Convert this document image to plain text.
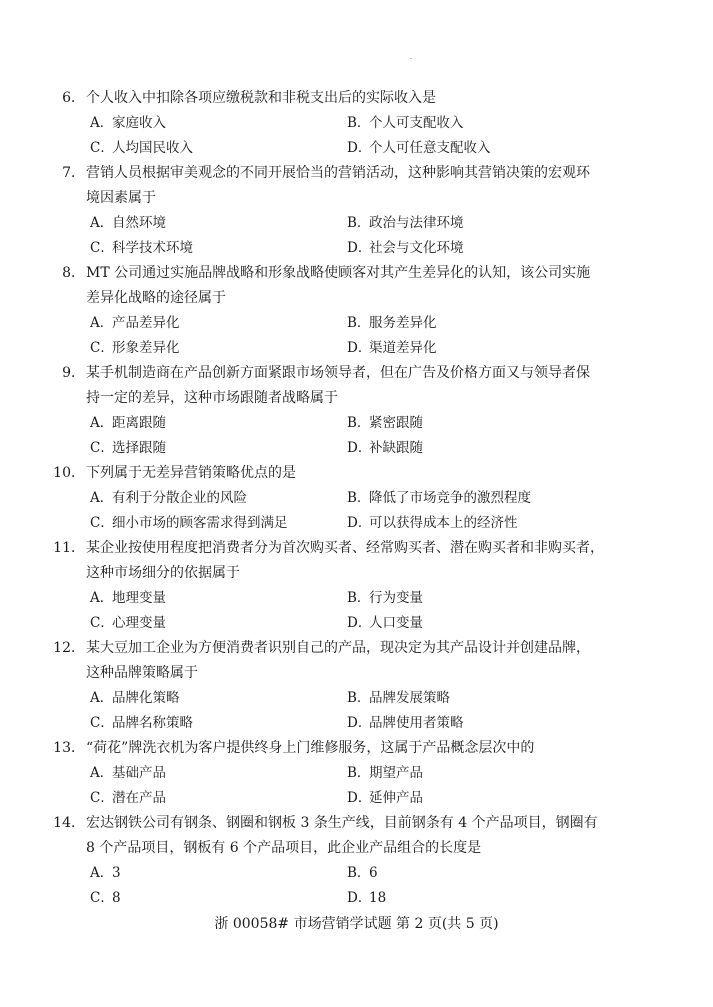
6． 个人收入中扣除各项应缴税款和非税支出后的实际收入是
A．家庭收入	B．个人可支配收入
C．人均国民收入	D．个人可任意支配收入
7． 营销人员根据审美观念的不同开展恰当的营销活动，这种影响其营销决策的宏观环
境因素属于
A．自然环境	B．政治与法律环境
C．科学技术环境	D．社会与文化环境
8． MT 公司通过实施品牌战略和形象战略使顾客对其产生差异化的认知，该公司实施
差异化战略的途径属于
A．产品差异化	B．服务差异化
C．形象差异化	D．渠道差异化
9． 某手机制造商在产品创新方面紧跟市场领导者，但在广告及价格方面又与领导者保
持一定的差异，这种市场跟随者战略属于
A．距离跟随	B．紧密跟随
C．选择跟随	D．补缺跟随
10． 下列属于无差异营销策略优点的是
A．有利于分散企业的风险	B．降低了市场竞争的激烈程度
C．细小市场的顾客需求得到满足	D．可以获得成本上的经济性
11． 某企业按使用程度把消费者分为首次购买者、经常购买者、潜在购买者和非购买者，
这种市场细分的依据属于
A．地理变量	B．行为变量
C．心理变量	D．人口变量
12． 某大豆加工企业为方便消费者识别自己的产品，现决定为其产品设计并创建品牌，
这种品牌策略属于
A．品牌化策略	B．品牌发展策略
C．品牌名称策略	D．品牌使用者策略
13． “荷花”牌洗衣机为客户提供终身上门维修服务，这属于产品概念层次中的
A．基础产品	B．期望产品
C．潜在产品	D．延伸产品
14． 宏达钢铁公司有钢条、钢圈和钢板 3 条生产线，目前钢条有 4 个产品项目，钢圈有
8 个产品项目，钢板有 6 个产品项目，此企业产品组合的长度是
A．3	B．6
C．8	D．18
浙 00058# 市场营销学试题 第 2 页(共 5 页)
